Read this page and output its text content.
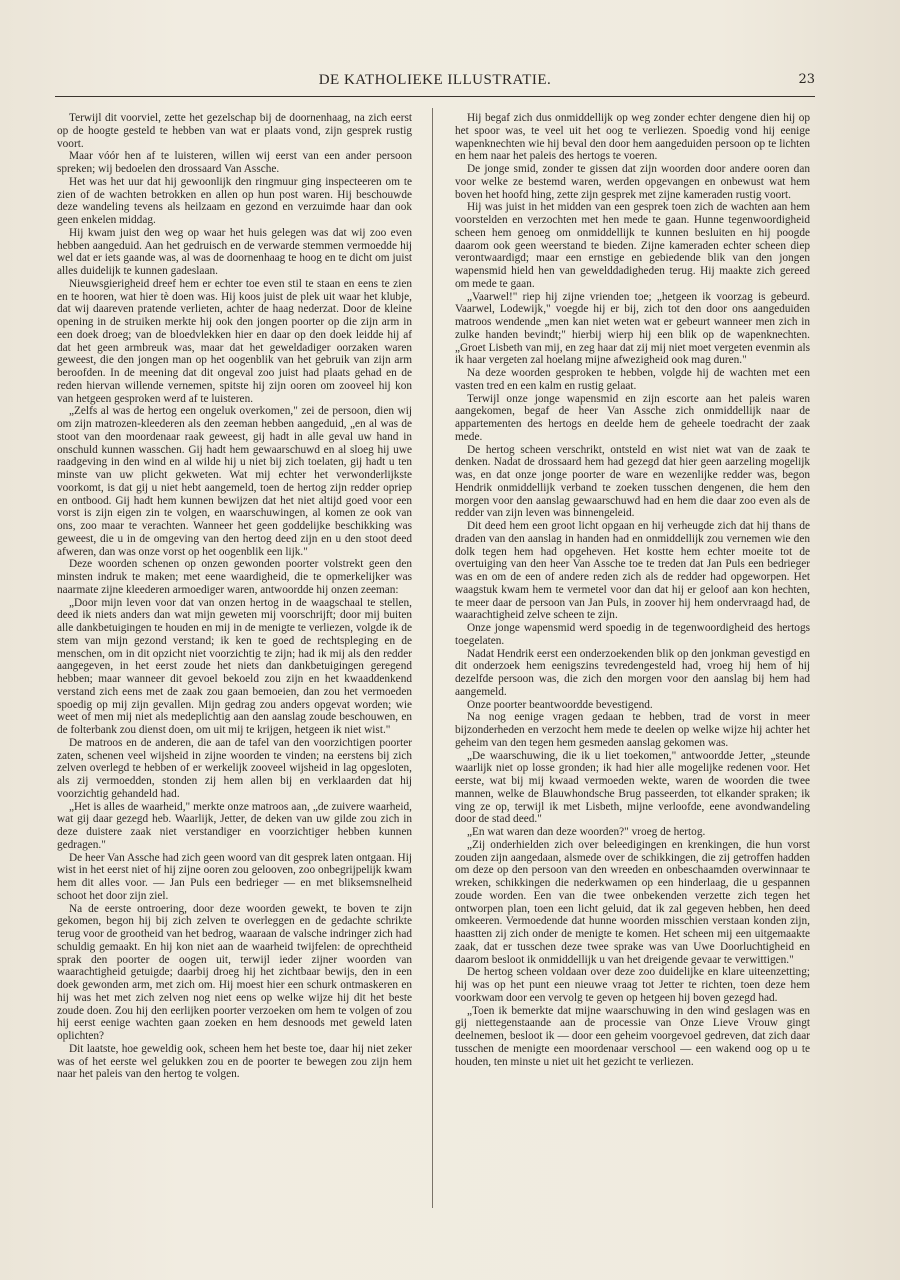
DE KATHOLIEKE ILLUSTRATIE.	23

Terwijl dit voorviel, zette het gezelschap bij de doornenhaag, na zich eerst op de hoogte gesteld te hebben van wat er plaats vond, zijn gesprek rustig voort.

Maar vóór hen af te luisteren, willen wij eerst van een ander persoon spreken; wij bedoelen den drossaard Van Assche.

Het was het uur dat hij gewoonlijk den ringmuur ging inspecteeren om te zien of de wachten betrokken en allen op hun post waren. Hij beschouwde deze wandeling tevens als heilzaam en gezond en verzuimde haar dan ook geen enkelen middag.

Hij kwam juist den weg op waar het huis gelegen was dat wij zoo even hebben aangeduid. Aan het gedruisch en de verwarde stemmen vermoedde hij wel dat er iets gaande was, al was de doornenhaag te hoog en te dicht om juist alles duidelijk te kunnen gadeslaan.

Nieuwsgierigheid dreef hem er echter toe even stil te staan en eens te zien en te hooren, wat hier tè doen was. Hij koos juist de plek uit waar het klubje, dat wij daareven pratende verlieten, achter de haag nederzat. Door de kleine opening in de struiken merkte hij ook den jongen poorter op die zijn arm in een doek droeg; van de bloedvlekken hier en daar op den doek leidde hij af dat het geen armbreuk was, maar dat het geweldadiger oorzaken waren geweest, die den jongen man op het oogenblik van het gebruik van zijn arm beroofden. In de meening dat dit ongeval zoo juist had plaats gehad en de reden hiervan willende vernemen, spitste hij zijn ooren om zooveel hij kon van hetgeen gesproken werd af te luisteren.

„Zelfs al was de hertog een ongeluk overkomen," zei de persoon, dien wij om zijn matrozen-kleederen als den zeeman hebben aangeduid, „en al was de stoot van den moordenaar raak geweest, gij hadt in alle geval uw hand in onschuld kunnen wasschen. Gij hadt hem gewaarschuwd en al sloeg hij uwe raadgeving in den wind en al wilde hij u niet bij zich toelaten, gij hadt u ten minste van uw plicht gekweten. Wat mij echter het verwonderlijkste voorkomt, is dat gij u niet hebt aangemeld, toen de hertog zijn redder opriep en ontbood. Gij hadt hem kunnen bewijzen dat het niet altijd goed voor een vorst is zijn eigen zin te volgen, en waarschuwingen, al komen ze ook van ons, zoo maar te verachten. Wanneer het geen goddelijke beschikking was geweest, die u in de omgeving van den hertog deed zijn en u den stoot deed afweren, dan was onze vorst op het oogenblik een lijk."

Deze woorden schenen op onzen gewonden poorter volstrekt geen den minsten indruk te maken; met eene waardigheid, die te opmerkelijker was naarmate zijne kleederen armoediger waren, antwoordde hij onzen zeeman:

„Door mijn leven voor dat van onzen hertog in de waagschaal te stellen, deed ik niets anders dan wat mijn geweten mij voorschrijft; door mij buiten alle dankbetuigingen te houden en mij in de menigte te verliezen, volgde ik de stem van mijn gezond verstand; ik ken te goed de rechtspleging en de menschen, om in dit opzicht niet voorzichtig te zijn; had ik mij als den redder aangegeven, in het eerst zoude het niets dan dankbetuigingen geregend hebben; maar wanneer dit gevoel bekoeld zou zijn en het kwaaddenkend verstand zich eens met de zaak zou gaan bemoeien, dan zou het vermoeden spoedig op mij zijn gevallen. Mijn gedrag zou anders opgevat worden; wie weet of men mij niet als medeplichtig aan den aanslag zoude beschouwen, en de folterbank zou dienst doen, om uit mij te krijgen, hetgeen ik niet wist."

De matroos en de anderen, die aan de tafel van den voorzichtigen poorter zaten, schenen veel wijsheid in zijne woorden te vinden; na eerstens bij zich zelven overlegd te hebben of er werkelijk zooveel wijsheid in lag opgesloten, als zij vermoedden, stonden zij hem allen bij en verklaarden dat hij voorzichtig gehandeld had.

„Het is alles de waarheid," merkte onze matroos aan, „de zuivere waarheid, wat gij daar gezegd heb. Waarlijk, Jetter, de deken van uw gilde zou zich in deze duistere zaak niet verstandiger en voorzichtiger hebben kunnen gedragen."

De heer Van Assche had zich geen woord van dit gesprek laten ontgaan. Hij wist in het eerst niet of hij zijne ooren zou gelooven, zoo onbegrijpelijk kwam hem dit alles voor. — Jan Puls een bedrieger — en met bliksemsnelheid schoot het door zijn ziel.

Na de eerste ontroering, door deze woorden gewekt, te boven te zijn gekomen, begon hij bij zich zelven te overleggen en de gedachte schrikte terug voor de grootheid van het bedrog, waaraan de valsche indringer zich had schuldig gemaakt. En hij kon niet aan de waarheid twijfelen: de oprechtheid sprak den poorter de oogen uit, terwijl ieder zijner woorden van waarachtigheid getuigde; daarbij droeg hij het zichtbaar bewijs, den in een doek gewonden arm, met zich om. Hij moest hier een schurk ontmaskeren en hij was het met zich zelven nog niet eens op welke wijze hij dit het beste zoude doen. Zou hij den eerlijken poorter verzoeken om hem te volgen of zou hij eerst eenige wachten gaan zoeken en hem desnoods met geweld laten oplichten?

Dit laatste, hoe geweldig ook, scheen hem het beste toe, daar hij niet zeker was of het eerste wel gelukken zou en de poorter te bewegen zou zijn hem naar het paleis van den hertog te volgen.

Hij begaf zich dus onmiddellijk op weg zonder echter dengene dien hij op het spoor was, te veel uit het oog te verliezen. Spoedig vond hij eenige wapenknechten wie hij beval den door hem aangeduiden persoon op te lichten en hem naar het paleis des hertogs te voeren.

De jonge smid, zonder te gissen dat zijn woorden door andere ooren dan voor welke ze bestemd waren, werden opgevangen en onbewust wat hem boven het hoofd hing, zette zijn gesprek met zijne kameraden rustig voort.

Hij was juist in het midden van een gesprek toen zich de wachten aan hem voorstelden en verzochten met hen mede te gaan. Hunne tegenwoordigheid scheen hem genoeg om onmiddellijk te kunnen besluiten en hij poogde daarom ook geen weerstand te bieden. Zijne kameraden echter scheen diep verontwaardigd; maar een ernstige en gebiedende blik van den jongen wapensmid hield hen van gewelddadigheden terug. Hij maakte zich gereed om mede te gaan.

„Vaarwel!" riep hij zijne vrienden toe; „hetgeen ik voorzag is gebeurd. Vaarwel, Lodewijk," voegde hij er bij, zich tot den door ons aangeduiden matroos wendende „men kan niet weten wat er gebeurt wanneer men zich in zulke handen bevindt;" hierbij wierp hij een blik op de wapenknechten. „Groet Lisbeth van mij, en zeg haar dat zij mij niet moet vergeten evenmin als ik haar vergeten zal hoelang mijne afwezigheid ook mag duren."

Na deze woorden gesproken te hebben, volgde hij de wachten met een vasten tred en een kalm en rustig gelaat.

Terwijl onze jonge wapensmid en zijn escorte aan het paleis waren aangekomen, begaf de heer Van Assche zich onmiddellijk naar de appartementen des hertogs en deelde hem de geheele toedracht der zaak mede.

De hertog scheen verschrikt, ontsteld en wist niet wat van de zaak te denken. Nadat de drossaard hem had gezegd dat hier geen aarzeling mogelijk was, en dat onze jonge poorter de ware en wezenlijke redder was, begon Hendrik onmiddellijk verband te zoeken tusschen dengenen, die hem den morgen voor den aanslag gewaarschuwd had en hem die daar zoo even als de redder van zijn leven was binnengeleid.

Dit deed hem een groot licht opgaan en hij verheugde zich dat hij thans de draden van den aanslag in handen had en onmiddellijk zou vernemen wie den dolk tegen hem had opgeheven. Het kostte hem echter moeite tot de overtuiging van den heer Van Assche toe te treden dat Jan Puls een bedrieger was en om de een of andere reden zich als de redder had opgeworpen. Het waagstuk kwam hem te vermetel voor dan dat hij er geloof aan kon hechten, te meer daar de persoon van Jan Puls, in zoover hij hem ondervraagd had, de waarachtigheid zelve scheen te zijn.

Onze jonge wapensmid werd spoedig in de tegenwoordigheid des hertogs toegelaten.

Nadat Hendrik eerst een onderzoekenden blik op den jonkman gevestigd en dit onderzoek hem eenigszins tevredengesteld had, vroeg hij hem of hij dezelfde persoon was, die zich den morgen voor den aanslag bij hem had aangemeld.

Onze poorter beantwoordde bevestigend.

Na nog eenige vragen gedaan te hebben, trad de vorst in meer bijzonderheden en verzocht hem mede te deelen op welke wijze hij achter het geheim van den tegen hem gesmeden aanslag gekomen was.

„De waarschuwing, die ik u liet toekomen," antwoordde Jetter, „steunde waarlijk niet op losse gronden; ik had hier alle mogelijke redenen voor. Het eerste, wat bij mij kwaad vermoeden wekte, waren de woorden die twee mannen, welke de Blauwhondsche Brug passeerden, tot elkander spraken; ik ving ze op, terwijl ik met Lisbeth, mijne verloofde, eene avondwandeling door de stad deed."

„En wat waren dan deze woorden?" vroeg de hertog.

„Zij onderhielden zich over beleedigingen en krenkingen, die hun vorst zouden zijn aangedaan, alsmede over de schikkingen, die zij getroffen hadden om deze op den persoon van den wreeden en onbeschaamden overwinnaar te wreken, schikkingen die nederkwamen op een hinderlaag, die u gespannen zoude worden. Een van die twee onbekenden verzette zich tegen het ontworpen plan, toen een licht geluid, dat ik zal gegeven hebben, hen deed omkeeren. Vermoedende dat hunne woorden misschien verstaan konden zijn, haastten zij zich onder de menigte te komen. Het scheen mij een uitgemaakte zaak, dat er tusschen deze twee sprake was van Uwe Doorluchtigheid en daarom besloot ik onmiddellijk u van het dreigende gevaar te verwittigen."

De hertog scheen voldaan over deze zoo duidelijke en klare uiteenzetting; hij was op het punt een nieuwe vraag tot Jetter te richten, toen deze hem voorkwam door een vervolg te geven op hetgeen hij boven gezegd had.

„Toen ik bemerkte dat mijne waarschuwing in den wind geslagen was en gij niettegenstaande aan de processie van Onze Lieve Vrouw gingt deelnemen, besloot ik — door een geheim voorgevoel gedreven, dat zich daar tusschen de menigte een moordenaar verschool — een wakend oog op u te houden, ten minste u niet uit het gezicht te verliezen.
